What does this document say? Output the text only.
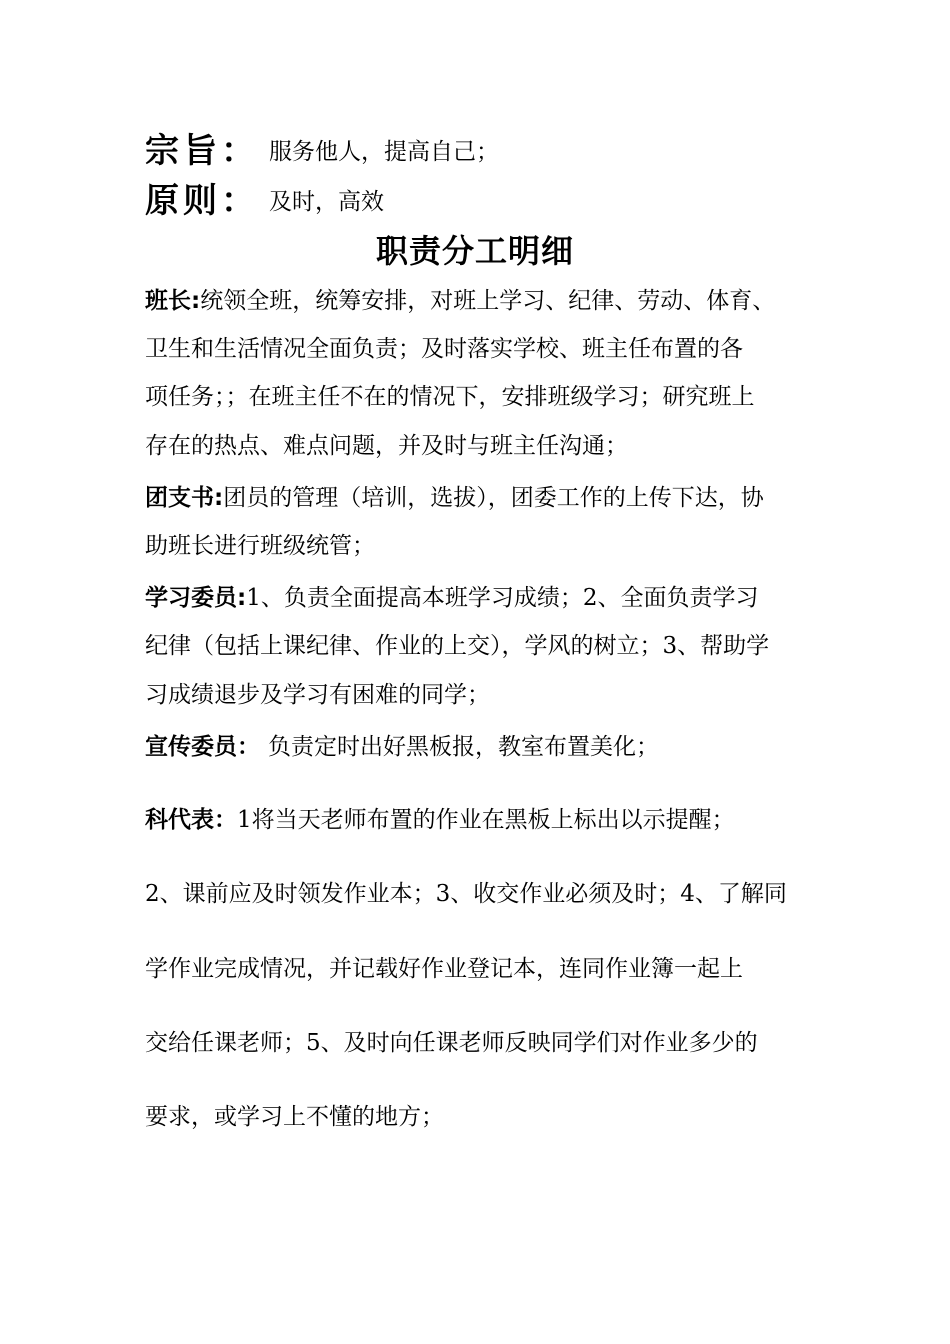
宗旨： 服务他人，提高自己；
原则： 及时，高效
职责分工明细
班长:统领全班，统筹安排，对班上学习、纪律、劳动、体育、
卫生和生活情况全面负责；及时落实学校、班主任布置的各
项任务；；在班主任不在的情况下，安排班级学习；研究班上
存在的热点、难点问题，并及时与班主任沟通；
团支书:团员的管理（培训，选拔），团委工作的上传下达，协
助班长进行班级统管；
学习委员:1、负责全面提高本班学习成绩；2、全面负责学习
纪律（包括上课纪律、作业的上交），学风的树立；3、帮助学
习成绩退步及学习有困难的同学；
宣传委员： 负责定时出好黑板报，教室布置美化；
科代表：1将当天老师布置的作业在黑板上标出以示提醒；
2、课前应及时领发作业本；3、收交作业必须及时；4、了解同
学作业完成情况，并记载好作业登记本，连同作业簿一起上
交给任课老师；5、及时向任课老师反映同学们对作业多少的
要求，或学习上不懂的地方；
